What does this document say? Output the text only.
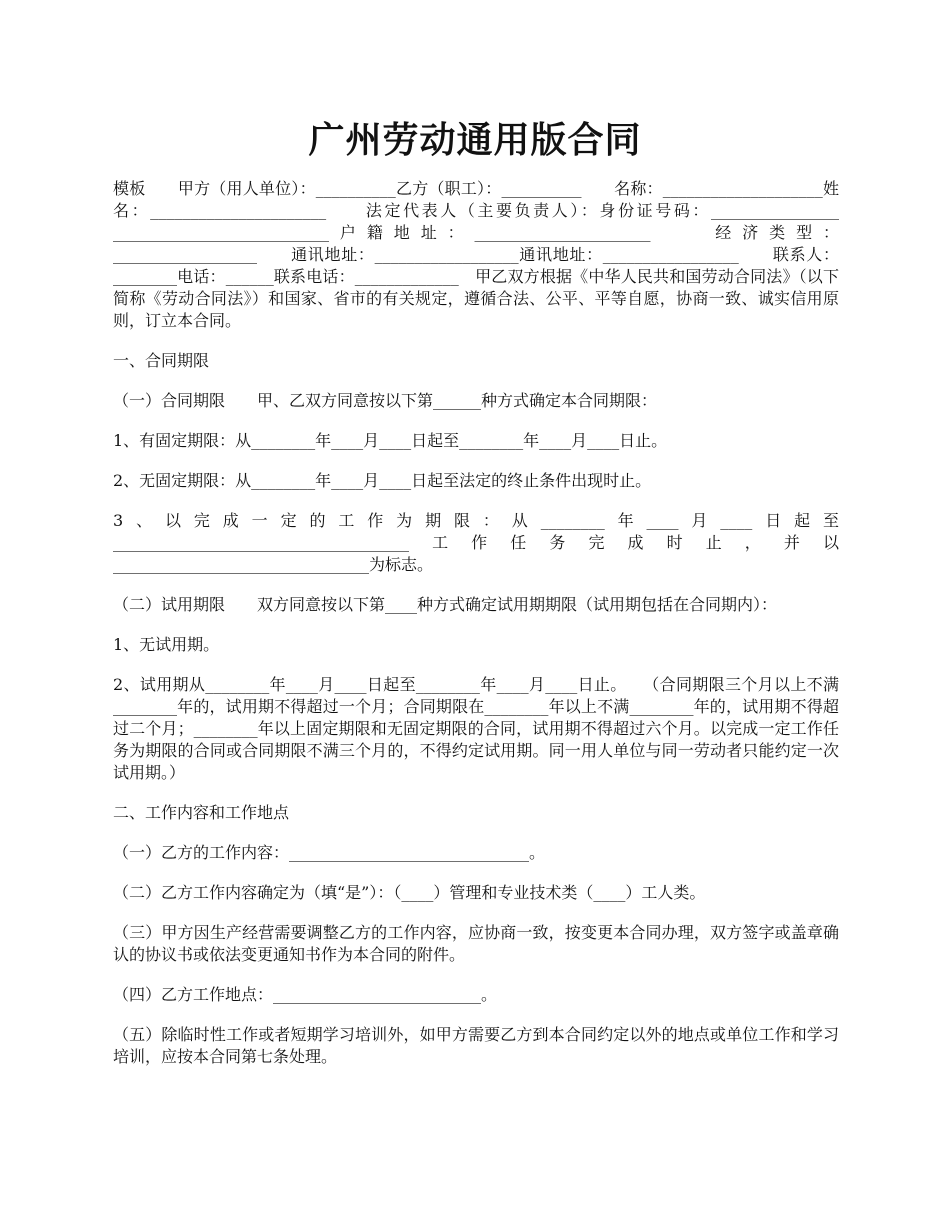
广州劳动通用版合同

模板　　甲方（用人单位）：__________乙方（职工）：__________　　名称：____________________姓名：______________________　　法定代表人（主要负责人）：身份证号码：________________　　___________________________户籍地址：______________________　　经济类型：__________________　　通讯地址：__________________通讯地址：_________________　　联系人：________电话：______联系电话：_____________　甲乙双方根据《中华人民共和国劳动合同法》（以下简称《劳动合同法》）和国家、省市的有关规定，遵循合法、公平、平等自愿，协商一致、诚实信用原则，订立本合同。

一、合同期限

（一）合同期限　　甲、乙双方同意按以下第______种方式确定本合同期限：

1、有固定期限：从________年____月____日起至________年____月____日止。

2、无固定期限：从________年____月____日起至法定的终止条件出现时止。

3、以完成一定的工作为期限：从________年____月____日起至_____________________________________工作任务完成时止，并以________________________________为标志。

（二）试用期限　　双方同意按以下第____种方式确定试用期期限（试用期包括在合同期内）：

1、无试用期。

2、试用期从________年____月____日起至________年____月____日止。　　（合同期限三个月以上不满________年的，试用期不得超过一个月；合同期限在________年以上不满________年的，试用期不得超过二个月；________年以上固定期限和无固定期限的合同，试用期不得超过六个月。以完成一定工作任务为期限的合同或合同期限不满三个月的，不得约定试用期。同一用人单位与同一劳动者只能约定一次试用期。）

二、工作内容和工作地点

（一）乙方的工作内容：______________________________。

（二）乙方工作内容确定为（填“是”）：（____）管理和专业技术类（____）工人类。

（三）甲方因生产经营需要调整乙方的工作内容，应协商一致，按变更本合同办理，双方签字或盖章确认的协议书或依法变更通知书作为本合同的附件。

（四）乙方工作地点：__________________________。

（五）除临时性工作或者短期学习培训外，如甲方需要乙方到本合同约定以外的地点或单位工作和学习培训，应按本合同第七条处理。
